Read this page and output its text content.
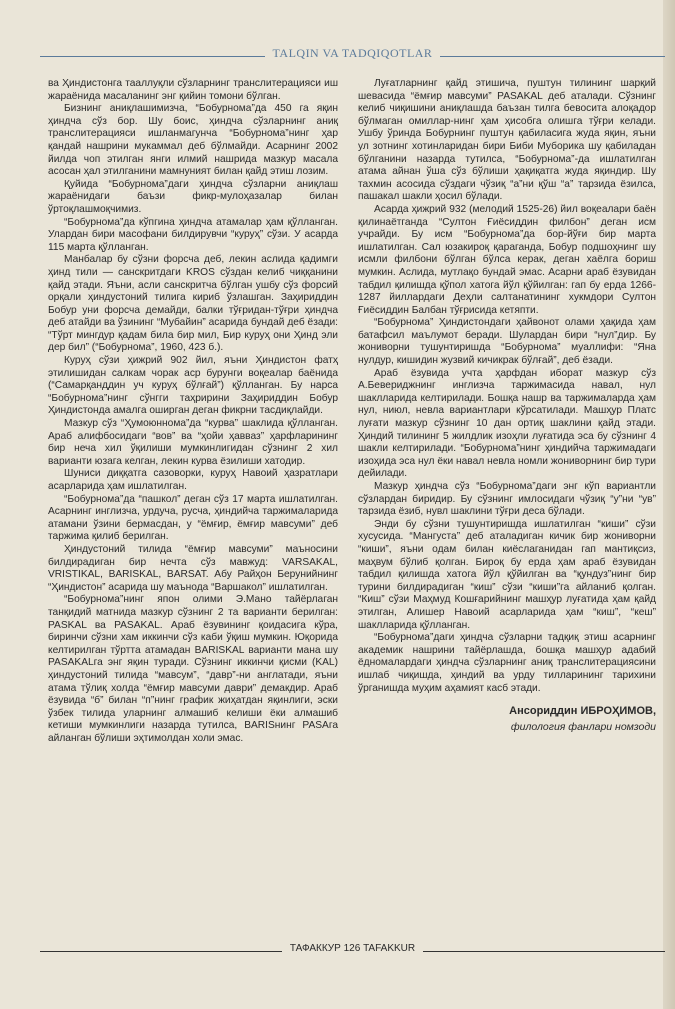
TALQIN VA TADQIQOTLAR

ва Ҳиндистонга тааллуқли сўзларнинг транслитерацияси иш жараёнида масаланинг энг қийин томони бўлган.

Бизнинг аниқлашимизча, “Бобурнома”да 450 га яқин ҳиндча сўз бор. Шу боис, ҳиндча сўзларнинг аниқ транслитерацияси ишланмагунча “Бобурнома”нинг ҳар қандай нашрини мукаммал деб бўлмайди. Асарнинг 2002 йилда чоп этилган янги илмий нашрида мазкур масала асосан ҳал этилганини мамнуният билан қайд этиш лозим.

Қуйида “Бобурнома”даги ҳиндча сўзларни аниқлаш жараёнидаги баъзи фикр-мулоҳазалар билан ўртоқлашмоқчимиз.

“Бобурнома”да кўпгина ҳиндча атамалар ҳам қўлланган. Улардан бири масофани билдирувчи “куруҳ” сўзи. У асарда 115 марта қўлланган.

Манбалар бу сўзни форсча деб, лекин аслида қадимги ҳинд тили — санскритдаги KROS сўздан келиб чиққанини қайд этади. Яъни, асли санскритча бўлган ушбу сўз форсий орқали ҳиндустоний тилига кириб ўзлашган. Заҳириддин Бобур уни форсча демайди, балки тўғридан-тўғри ҳиндча деб атайди ва ўзининг “Мубайин” асарида бундай деб ёзади: “Тўрт мингдур қадам била бир мил, Бир куруҳ они Ҳинд эли дер бил” (“Бобурнома”, 1960, 423 б.).

Куруҳ сўзи ҳижрий 902 йил, яъни Ҳиндистон фатҳ этилишидан салкам чорак аср бурунги воқеалар баёнида (“Самарқанддин уч куруҳ бўлғай”) қўлланган. Бу нарса “Бобурнома”нинг сўнгги таҳририни Заҳириддин Бобур Ҳиндистонда амалга оширган деган фикрни тасдиқлайди.

Мазкур сўз “Ҳумоюннома”да “курва” шаклида қўлланган. Араб алифбосидаги “вов” ва “ҳойи ҳавваз” ҳарфларининг бир неча хил ўқилиши мумкинлигидан сўзнинг 2 хил варианти юзага келган, лекин курва ёзилиши хатодир.

Шуниси диққатга сазоворки, куруҳ Навоий ҳазратлари асарларида ҳам ишлатилган.

“Бобурнома”да “пашкол” деган сўз 17 марта ишлатилган. Асарнинг инглизча, урдуча, русча, ҳиндийча таржималарида атамани ўзини бермасдан, у “ёмғир, ёмғир мавсуми” деб таржима қилиб берилган.

Ҳиндустоний тилида “ёмғир мавсуми” маъносини билдирадиган бир нечта сўз мавжуд: VARSAKAL, VRISTIKAL, BARISKAL, BARSAT. Абу Райҳон Берунийнинг “Ҳиндистон” асарида шу маънода “Варшакол” ишлатилган.

“Бобурнома”нинг япон олими Э.Мано тайёрлаган танқидий матнида мазкур сўзнинг 2 та варианти берилган: PASKAL ва PASAKAL. Араб ёзувининг қоидасига кўра, биринчи сўзни хам иккинчи сўз каби ўқиш мумкин. Юқорида келтирилган тўртта атамадан BARISKAL варианти мана шу PASAKALга энг яқин туради. Сўзнинг иккинчи қисми (KAL) ҳиндустоний тилида “мавсум”, “давр”-ни англатади, яъни атама тўлиқ холда “ёмғир мавсуми даври” демакдир. Араб ёзувида “б” билан “п”нинг график жиҳатдан яқинлиги, эски ўзбек тилида уларнинг алмашиб келиши ёки алмашиб кетиши мумкинлиги назарда тутилса, BARISнинг PASAга айланган бўлиши эҳтимолдан холи эмас.

Луғатларнинг қайд этишича, пуштун тилининг шарқий шевасида “ёмғир мавсуми” PASAKAL деб аталади. Сўзнинг келиб чиқишини аниқлашда баъзан тилга бевосита алоқадор бўлмаган омиллар-нинг ҳам ҳисобга олишга тўғри келади. Ушбу ўринда Бобурнинг пуштун қабиласига жуда яқин, яъни ул зотнинг хотинларидан бири Биби Муборика шу қабиладан бўлганини назарда тутилса, “Бобурнома”-да ишлатилган атама айнан ўша сўз бўлиши ҳақиқатга жуда яқиндир. Шу тахмин асосида сўздаги чўзиқ “а”ни қўш “а” тарзида ёзилса, пашакал шакли ҳосил бўлади.

Асарда ҳижрий 932 (мелодий 1525-26) йил воқеалари баён қилинаётганда “Султон Ғиёсиддин филбон” деган исм учрайди. Бу исм “Бобурнома”да бор-йўғи бир марта ишлатилган. Сал юзакироқ қараганда, Бобур подшоҳнинг шу исмли филбони бўлган бўлса керак, деган хаёлга бориш мумкин. Аслида, мутлақо бундай эмас. Асарни араб ёзувидан табдил қилишда қўпол хатога йўл қўйилган: гап бу ерда 1266-1287 йиллардаги Деҳли салтанатининг хукмдори Султон Ғиёсиддин Балбан тўғрисида кетяпти.

“Бобурнома” Ҳиндистондаги ҳайвонот олами ҳақида ҳам батафсил маълумот беради. Шулардан бири “нул”дир. Бу жониворни тушунтиришда “Бобурнома” муаллифи: “Яна нулдур, кишидин жузвий кичикрак бўлғай”, деб ёзади.

Араб ёзувида учта ҳарфдан иборат мазкур сўз А.Бевериджнинг инглизча таржимасида навал, нул шаклларида келтирилади. Бошқа нашр ва таржималарда ҳам нул, ниюл, невла вариантлари кўрсатилади. Машҳур Платс луғати мазкур сўзнинг 10 дан ортиқ шаклини қайд этади. Ҳиндий тилининг 5 жилдлик изоҳли луғатида эса бу сўзнинг 4 шакли келтирилади. “Бобурнома”нинг ҳиндийча таржимадаги изоҳида эса нул ёки навал невла номли жониворнинг бир тури дейилади.

Мазкур ҳиндча сўз “Бобурнома”даги энг кўп вариантли сўзлардан биридир. Бу сўзнинг имлосидаги чўзиқ “у”ни “ув” тарзида ёзиб, нувл шаклини тўғри деса бўлади.

Энди бу сўзни тушунтиришда ишлатилган “киши” сўзи хусусида. “Мангуста” деб аталадиган кичик бир жониворни “киши”, яъни одам билан киёслаганидан гап мантиқсиз, маҳвум бўлиб қолган. Бироқ бу ерда ҳам араб ёзувидан табдил қилишда хатога йўл қўйилган ва “қундуз”нинг бир турини билдирадиган “киш” сўзи “киши”га айланиб қолган. “Киш” сўзи Маҳмуд Кошғарийнинг машҳур луғатида ҳам қайд этилган, Алишер Навоий асарларида ҳам “киш”, “кеш” шаклларида қўлланган.

“Бобурнома”даги ҳиндча сўзларни тадқиқ этиш асарнинг академик нашрини тайёрлашда, бошқа машҳур адабий ёдномалардаги ҳиндча сўзларнинг аниқ транслитерациясини ишлаб чиқишда, ҳиндий ва урду тилларининг тарихини ўрганишда муҳим аҳамият касб этади.

Ансориддин ИБРОҲИМОВ,
филология фанлари номзоди
ТАФАККУР 126 TAFAKKUR
